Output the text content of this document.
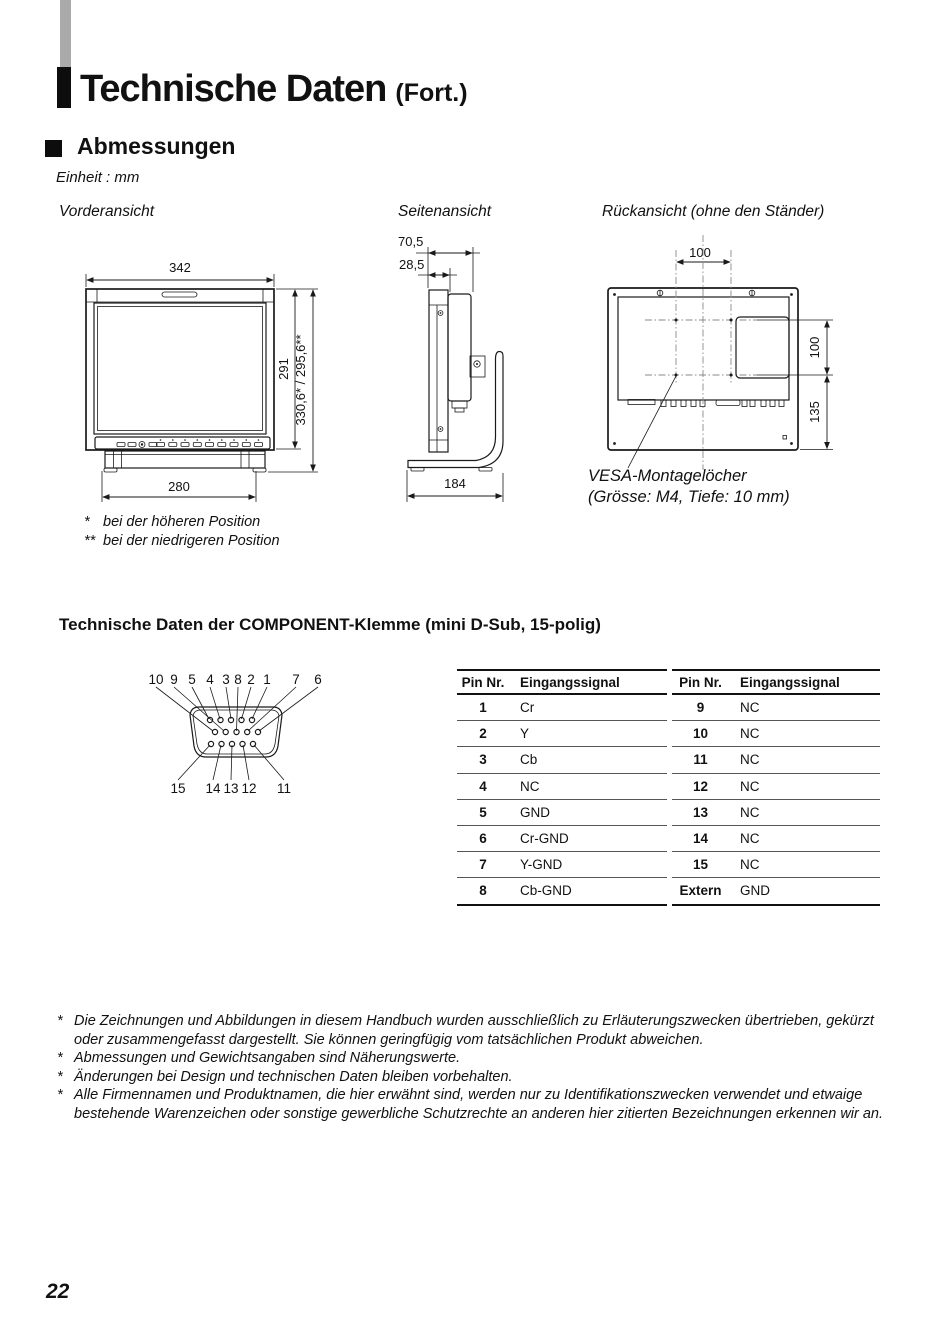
Technische Daten (Fort.)
Abmessungen
Einheit : mm
Vorderansicht	Seitenansicht	Rückansicht (ohne den Ständer)
342
291 330,6* / 295,6**
280
70,5
28,5
184
100
100
135
VESA-Montagelöcher
(Grösse: M4, Tiefe: 10 mm)
* bei der höheren Position
** bei der niedrigeren Position
Technische Daten der COMPONENT-Klemme (mini D-Sub, 15-polig)
10 9 5 4 3 8 2 1 7 6
15 14 13 12 11
Pin Nr.	Eingangssignal
1	Cr
2	Y
3	Cb
4	NC
5	GND
6	Cr-GND
7	Y-GND
8	Cb-GND
Pin Nr.	Eingangssignal
9	NC
10	NC
11	NC
12	NC
13	NC
14	NC
15	NC
Extern	GND
* Die Zeichnungen und Abbildungen in diesem Handbuch wurden ausschließlich zu Erläuterungszwecken übertrieben, gekürzt
oder zusammengefasst dargestellt. Sie können geringfügig vom tatsächlichen Produkt abweichen.
* Abmessungen und Gewichtsangaben sind Näherungswerte.
* Änderungen bei Design und technischen Daten bleiben vorbehalten.
* Alle Firmennamen und Produktnamen, die hier erwähnt sind, werden nur zu Identifikationszwecken verwendet und etwaige
bestehende Warenzeichen oder sonstige gewerbliche Schutzrechte an anderen hier zitierten Bezeichnungen erkennen wir an.
22
